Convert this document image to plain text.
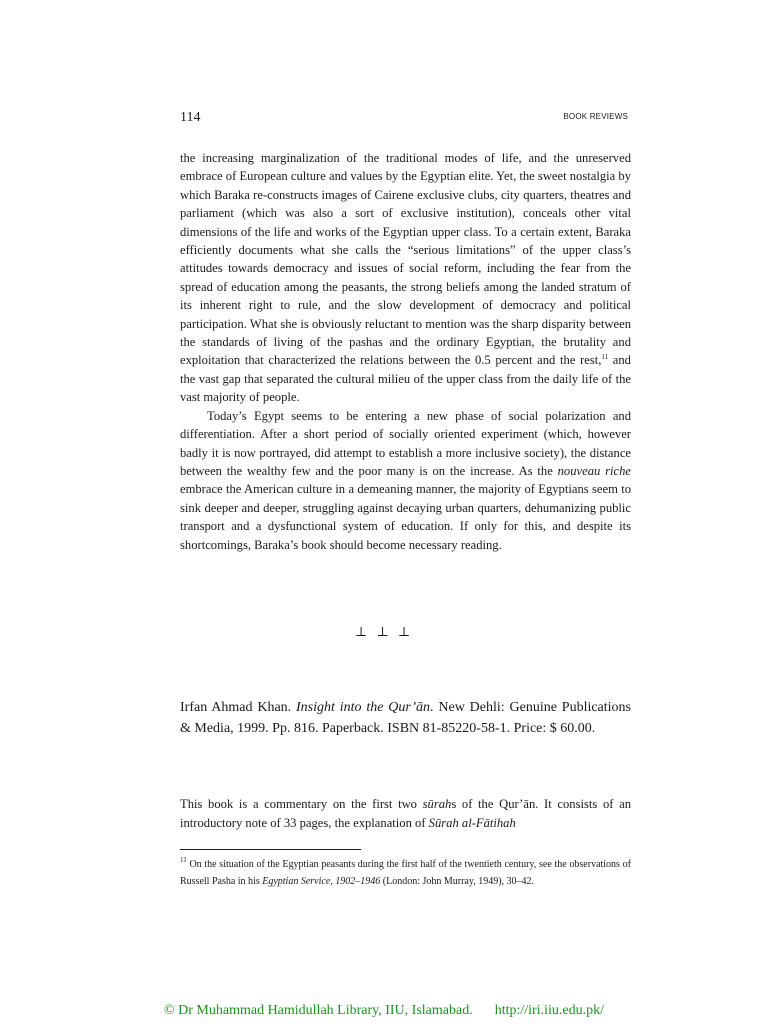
114	BOOK REVIEWS

the increasing marginalization of the traditional modes of life, and the unreserved embrace of European culture and values by the Egyptian elite. Yet, the sweet nostalgia by which Baraka re-constructs images of Cairene exclusive clubs, city quarters, theatres and parliament (which was also a sort of exclusive institution), conceals other vital dimensions of the life and works of the Egyptian upper class. To a certain extent, Baraka efficiently documents what she calls the “serious limitations” of the upper class’s attitudes towards democracy and issues of social reform, including the fear from the spread of education among the peasants, the strong beliefs among the landed stratum of its inherent right to rule, and the slow development of democracy and political participation. What she is obviously reluctant to mention was the sharp disparity between the standards of living of the pashas and the ordinary Egyptian, the brutality and exploitation that characterized the relations between the 0.5 percent and the rest,$^{11}$ and the vast gap that separated the cultural milieu of the upper class from the daily life of the vast majority of people.

Today’s Egypt seems to be entering a new phase of social polarization and differentiation. After a short period of socially oriented experiment (which, however badly it is now portrayed, did attempt to establish a more inclusive society), the distance between the wealthy few and the poor many is on the increase. As the nouveau riche embrace the American culture in a demeaning manner, the majority of Egyptians seem to sink deeper and deeper, struggling against decaying urban quarters, dehumanizing public transport and a dysfunctional system of education. If only for this, and despite its shortcomings, Baraka’s book should become necessary reading.

⊥ ⊥ ⊥
Irfan Ahmad Khan. Insight into the Qur’ān. New Dehli: Genuine Publications & Media, 1999. Pp. 816. Paperback. ISBN 81-85220-58-1. Price: $ 60.00.
This book is a commentary on the first two sūrahs of the Qur’ān. It consists of an introductory note of 33 pages, the explanation of Sūrah al-Fātihah
$^{11}$ On the situation of the Egyptian peasants during the first half of the twentieth century, see the observations of Russell Pasha in his Egyptian Service, 1902–1946 (London: John Murray, 1949), 30–42.
© Dr Muhammad Hamidullah Library, IIU, Islamabad. http://iri.iiu.edu.pk/
